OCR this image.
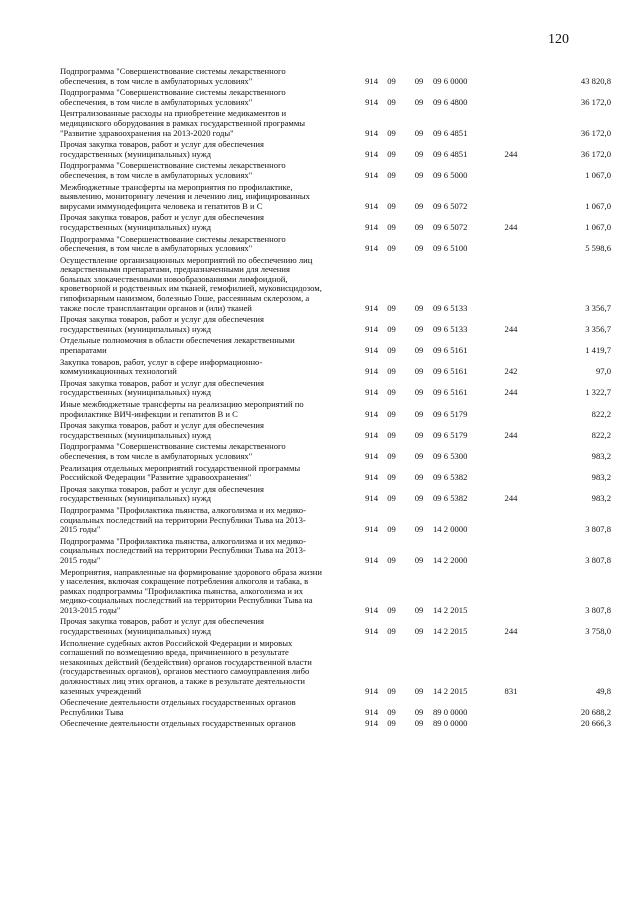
120
Подпрограмма "Совершенствование системы лекарственного обеспечения, в том числе в амбулаторных условиях"	914	09	09	09 6 0000		43 820,8
Подпрограмма "Совершенствование системы лекарственного обеспечения, в том числе в амбулаторных условиях"	914	09	09	09 6 4800		36 172,0
Централизованные расходы на приобретение медикаментов и медицинского оборудования в рамках государственной программы "Развитие здравоохранения на 2013-2020 годы"	914	09	09	09 6 4851		36 172,0
Прочая закупка товаров, работ и услуг для обеспечения государственных (муниципальных) нужд	914	09	09	09 6 4851	244	36 172,0
Подпрограмма "Совершенствование системы лекарственного обеспечения, в том числе в амбулаторных условиях"	914	09	09	09 6 5000		1 067,0
Межбюджетные трансферты на мероприятия по профилактике, выявлению, мониторингу лечения и лечению лиц, инфицированных вирусами иммунодефицита человека и гепатитов В и С	914	09	09	09 6 5072		1 067,0
Прочая закупка товаров, работ и услуг для обеспечения государственных (муниципальных) нужд	914	09	09	09 6 5072	244	1 067,0
Подпрограмма "Совершенствование системы лекарственного обеспечения, в том числе в амбулаторных условиях"	914	09	09	09 6 5100		5 598,6
Осуществление организационных мероприятий по обеспечению лиц лекарственными препаратами, предназначенными для лечения больных злокачественными новообразованиями лимфоидной, кроветворной и родственных им тканей, гемофилией, муковисцидозом, гипофизарным нанизмом, болезнью Гоше, рассеянным склерозом, а также после трансплантации органов и (или) тканей	914	09	09	09 6 5133		3 356,7
Прочая закупка товаров, работ и услуг для обеспечения государственных (муниципальных) нужд	914	09	09	09 6 5133	244	3 356,7
Отдельные полномочия в области обеспечения лекарственными препаратами	914	09	09	09 6 5161		1 419,7
Закупка товаров, работ, услуг в сфере информационно-коммуникационных технологий	914	09	09	09 6 5161	242	97,0
Прочая закупка товаров, работ и услуг для обеспечения государственных (муниципальных) нужд	914	09	09	09 6 5161	244	1 322,7
Иные межбюджетные трансферты на реализацию мероприятий по профилактике ВИЧ-инфекции и гепатитов В и С	914	09	09	09 6 5179		822,2
Прочая закупка товаров, работ и услуг для обеспечения государственных (муниципальных) нужд	914	09	09	09 6 5179	244	822,2
Подпрограмма "Совершенствование системы лекарственного обеспечения, в том числе в амбулаторных условиях"	914	09	09	09 6 5300		983,2
Реализация отдельных мероприятий государственной программы Российской Федерации "Развитие здравоохранения"	914	09	09	09 6 5382		983,2
Прочая закупка товаров, работ и услуг для обеспечения государственных (муниципальных) нужд	914	09	09	09 6 5382	244	983,2
Подпрограмма "Профилактика пьянства, алкоголизма и их медико-социальных последствий на территории Республики Тыва на 2013-2015 годы"	914	09	09	14 2 0000		3 807,8
Подпрограмма "Профилактика пьянства, алкоголизма и их медико-социальных последствий на территории Республики Тыва на 2013-2015 годы"	914	09	09	14 2 2000		3 807,8
Мероприятия, направленные на формирование здорового образа жизни у населения, включая сокращение потребления алкоголя и табака, в рамках подпрограммы "Профилактика пьянства, алкоголизма и их медико-социальных последствий на территории Республики Тыва на 2013-2015 годы"	914	09	09	14 2 2015		3 807,8
Прочая закупка товаров, работ и услуг для обеспечения государственных (муниципальных) нужд	914	09	09	14 2 2015	244	3 758,0
Исполнение судебных актов Российской Федерации и мировых соглашений по возмещению вреда, причиненного в результате незаконных действий (бездействия) органов государственной власти (государственных органов), органов местного самоуправления либо должностных лиц этих органов, а также в результате деятельности казенных учреждений	914	09	09	14 2 2015	831	49,8
Обеспечение деятельности отдельных государственных органов Республики Тыва	914	09	09	89 0 0000		20 688,2
Обеспечение деятельности отдельных государственных органов	914	09	09	89 0 0000		20 666,3
